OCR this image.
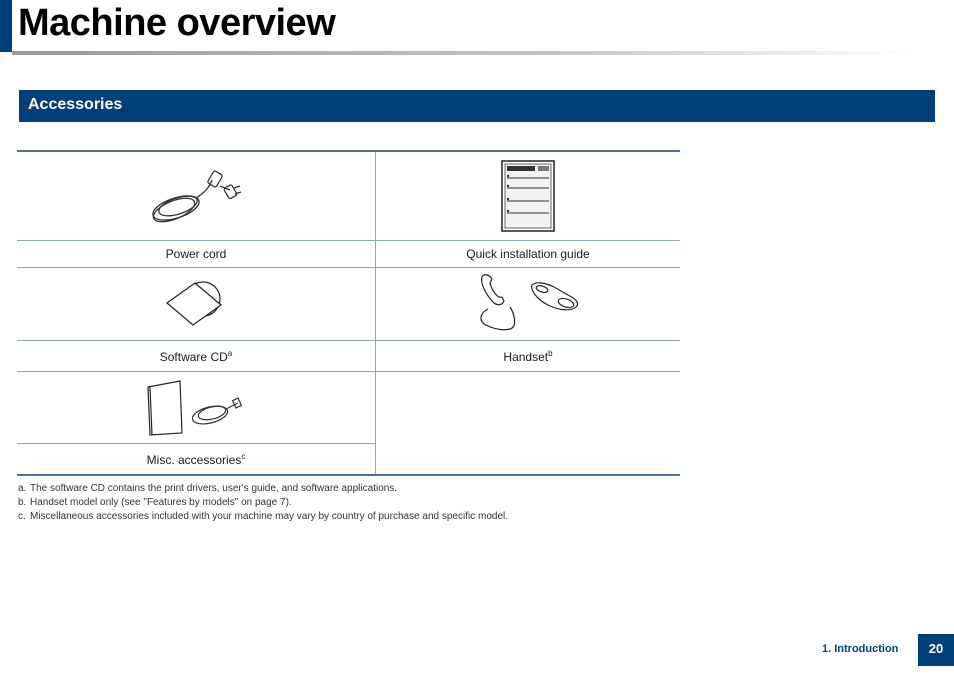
Machine overview
Accessories

Power cord	Quick installation guide

Software $CD^a$	Handset$^b$

Misc. accessories$^c$
a. The software CD contains the print drivers, user's guide, and software applications.
b. Handset model only (see "Features by models" on page 7).
c. Miscellaneous accessories included with your machine may vary by country of purchase and specific model.
1. Introduction	20
